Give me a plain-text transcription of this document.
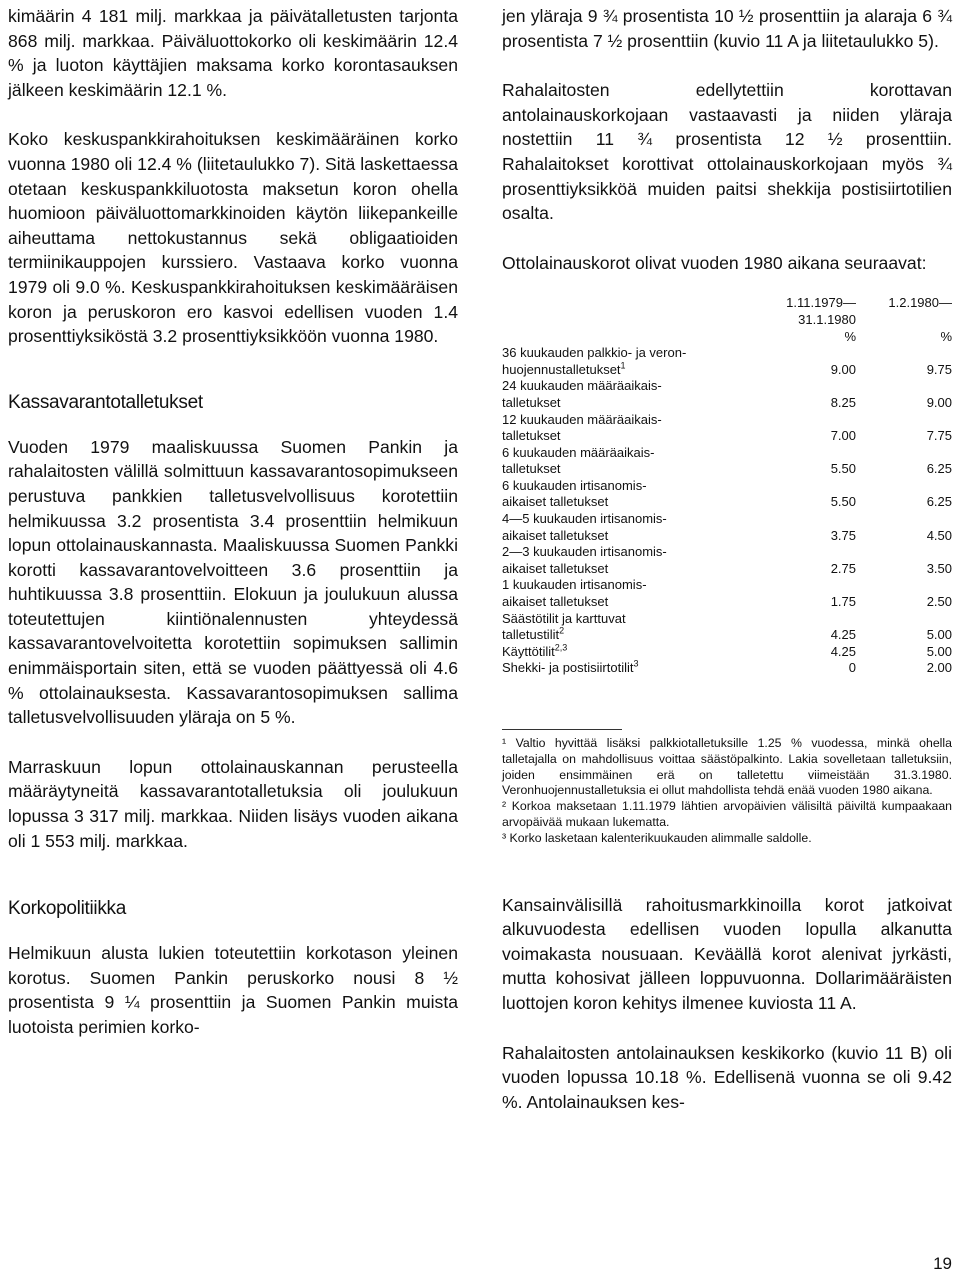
kimäärin 4 181 milj. markkaa ja päivätalletusten tarjonta 868 milj. markkaa. Päiväluottokorko oli keskimäärin 12.4 % ja luoton käyttäjien maksama korko korontasauksen jälkeen keskimäärin 12.1 %.

Koko keskuspankkirahoituksen keskimääräinen korko vuonna 1980 oli 12.4 % (liitetaulukko 7). Sitä laskettaessa otetaan keskuspankkiluotosta maksetun koron ohella huomioon päiväluottomarkkinoiden käytön liikepankeille aiheuttama nettokustannus sekä obligaatioiden termiinikauppojen kurssiero. Vastaava korko vuonna 1979 oli 9.0 %. Keskuspankkirahoituksen keskimääräisen koron ja peruskoron ero kasvoi edellisen vuoden 1.4 prosenttiyksiköstä 3.2 prosenttiyksikköön vuonna 1980.

Kassavarantotalletukset

Vuoden 1979 maaliskuussa Suomen Pankin ja rahalaitosten välillä solmittuun kassavarantosopimukseen perustuva pankkien talletusvelvollisuus korotettiin helmikuussa 3.2 prosentista 3.4 prosenttiin helmikuun lopun ottolainauskannasta. Maaliskuussa Suomen Pankki korotti kassavarantovelvoitteen 3.6 prosenttiin ja huhtikuussa 3.8 prosenttiin. Elokuun ja joulukuun alussa toteutettujen kiintiönalennusten yhteydessä kassavarantovelvoitetta korotettiin sopimuksen sallimin enimmäisportain siten, että se vuoden päättyessä oli 4.6 % ottolainauksesta. Kassavarantosopimuksen sallima talletusvelvollisuuden yläraja on 5 %.

Marraskuun lopun ottolainauskannan perusteella määräytyneitä kassavarantotalletuksia oli joulukuun lopussa 3 317 milj. markkaa. Niiden lisäys vuoden aikana oli 1 553 milj. markkaa.

Korkopolitiikka

Helmikuun alusta lukien toteutettiin korkotason yleinen korotus. Suomen Pankin peruskorko nousi 8 ½ prosentista 9 ¼ prosenttiin ja Suomen Pankin muista luotoista perimien korko-

jen yläraja 9 ¾ prosentista 10 ½ prosenttiin ja alaraja 6 ¾ prosentista 7 ½ prosenttiin (kuvio 11 A ja liitetaulukko 5).

Rahalaitosten edellytettiin korottavan antolainauskorkojaan vastaavasti ja niiden yläraja nostettiin 11 ¾ prosentista 12 ½ prosenttiin. Rahalaitokset korottivat ottolainauskorkojaan myös ¾ prosenttiyksikköä muiden paitsi shekkija postisiirtotilien osalta.

Ottolainauskorot olivat vuoden 1980 aikana seuraavat:

	1.11.1979—	1.2.1980—
	31.1.1980	
	%	%
36 kuukauden palkkio- ja veron-		
huojennustalletukset$^1$	9.00	9.75
24 kuukauden määräaikais-		
talletukset	8.25	9.00
12 kuukauden määräaikais-		
talletukset	7.00	7.75
6 kuukauden määräaikais-		
talletukset	5.50	6.25
6 kuukauden irtisanomis-		
aikaiset talletukset	5.50	6.25
4—5 kuukauden irtisanomis-		
aikaiset talletukset	3.75	4.50
2—3 kuukauden irtisanomis-		
aikaiset talletukset	2.75	3.50
1 kuukauden irtisanomis-		
aikaiset talletukset	1.75	2.50
Säästötilit ja karttuvat		
talletustilit$^2$	4.25	5.00
Käyttötilit$^{2,3}$	4.25	5.00
Shekki- ja postisiirtotilit$^3$	0	2.00

¹ Valtio hyvittää lisäksi palkkiotalletuksille 1.25 % vuodessa, minkä ohella talletajalla on mahdollisuus voittaa säästöpalkinto. Lakia sovelletaan talletuksiin, joiden ensimmäinen erä on talletettu viimeistään 31.3.1980. Veronhuojennustalletuksia ei ollut mahdollista tehdä enää vuoden 1980 aikana.

² Korkoa maksetaan 1.11.1979 lähtien arvopäivien välisiltä päiviltä kumpaakaan arvopäivää mukaan lukematta.

³ Korko lasketaan kalenterikuukauden alimmalle saldolle.

Kansainvälisillä rahoitusmarkkinoilla korot jatkoivat alkuvuodesta edellisen vuoden lopulla alkanutta voimakasta nousuaan. Keväällä korot alenivat jyrkästi, mutta kohosivat jälleen loppuvuonna. Dollarimääräisten luottojen koron kehitys ilmenee kuviosta 11 A.

Rahalaitosten antolainauksen keskikorko (kuvio 11 B) oli vuoden lopussa 10.18 %. Edellisenä vuonna se oli 9.42 %. Antolainauksen kes-

19
